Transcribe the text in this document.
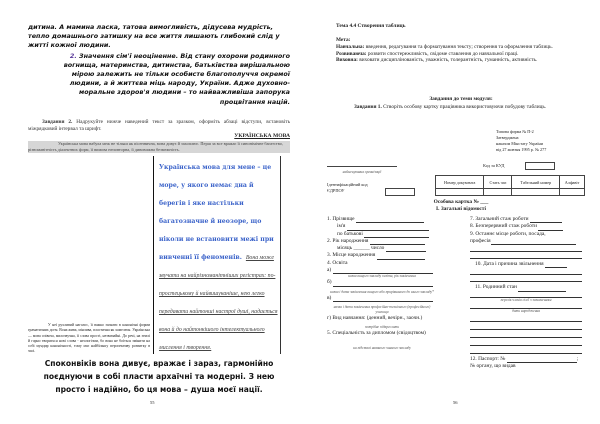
дитина. А мамина ласка, татова вимогливість, дідусева мудрість, тепло домашнього затишку на все життя лишають глибокий слід у житті кожної людини.
2. Значення сім'ї неоціненне. Від стану охорони родинного вогнища, материнства, дитинства, батьківства вирішальною мірою залежить не тільки особисте благополуччя окремої людини, а й життєва міць народу, України. Адже духовно-моральне здоров'я людини – то найважливіша запорука процвітання націй.
Завдання 2. Надрукуйте нижче наведений текст за зразком, оформіть абзаці відступи, встановіть міжрядковий інтервал та шрифт.
УКРАЇНСЬКА МОВА
Українська мова набула меж не тільки як пісеннична, вона дивує й захоплює. Перш за все вражає її синонімічне багатство, різноманітність діалектних форм, її вимова неповторна, її дивовижна безмежність.
У неї рухливий наголос, її важко загнати в канонічні форми граматичних догм. Вона жива, мінлива, пластична як хамелеон. Українська — мова співоча, милозвучна, її слова прості, незвичайні. До речі, на землі й гарно творяться нові слова - неологізми, бо вона не боїться змінити на собі мундир канонічності, тому має найбільшу перспективу розвитку в часі.
Українська мова для мене – це море, у якого немає дна й берегів і яке настільки багатозначне й неозоре, що ніколи не встановити межі при вивченні її феноменів. Вона може звучати на найрізноманітніших регістрах: по-простецькому й найвишуканіше, нею легко передавати найтонші настрої душі, надається вона й до найтонкішого інтелектуального мислення і творення.
Споконвіків вона дивує, вражає і зараз, гармонійно поєднуючи в собі пласти архаїчні та модерні. З нею просто і надійно, бо ця мова – душа моєї нації.
55
Тема 4.4 Створення таблиць
Мета:
Навчальна: введення, редагування та форматування тексту; створення та оформлення таблиць.
Розвиваюча: розвити спостережливість, свідоме ставлення до навчальної праці.
Виховна: виховати дисциплінованість, уважність, толерантність, гуманність, активність.
Завдання до теми модуля:
Завдання 1. Створіть особову картку працівника використовуючи побудову таблиць.
Типова форма № П-2
Затверджена
наказом Мінстату України
від 27 жовтня 1995 р. № 277
найменування організації
Код за КУД
Ідентифікаційний код ЄДРПОУ
Номер документа	Стать чає	Табельний номер	Алфавіт

Особова картка № ___
І. Загальні відомості
1. Прізвище
ім'я
по батькові
2. Рік народження
місяць ______ число
3. Місце народження
4. Освіта
а)
назва вищого закладу освіти, рік закінчення
б)
назва і дата закінчення вищого або прирівняного до нього закладу*
в)
назва і дата закінчення професійно-технічного (професійного) училища
г) Вид навчання: (денний, вечірн., заочн.)
потрібне підкреслити
5. Спеціальність за дипломом (свідоцтвом)
на підставі наявного чинного закладу
7. Загальний стаж роботи
8. Безперервний стаж роботи
9. Останнє місце роботи, посада,
професія
10. Дата і причина звільнення
11. Родинний стан
перелік членів сім'ї з зазначенням
дати народження
12. Паспорт: №	;
№ органу, що видав
56
